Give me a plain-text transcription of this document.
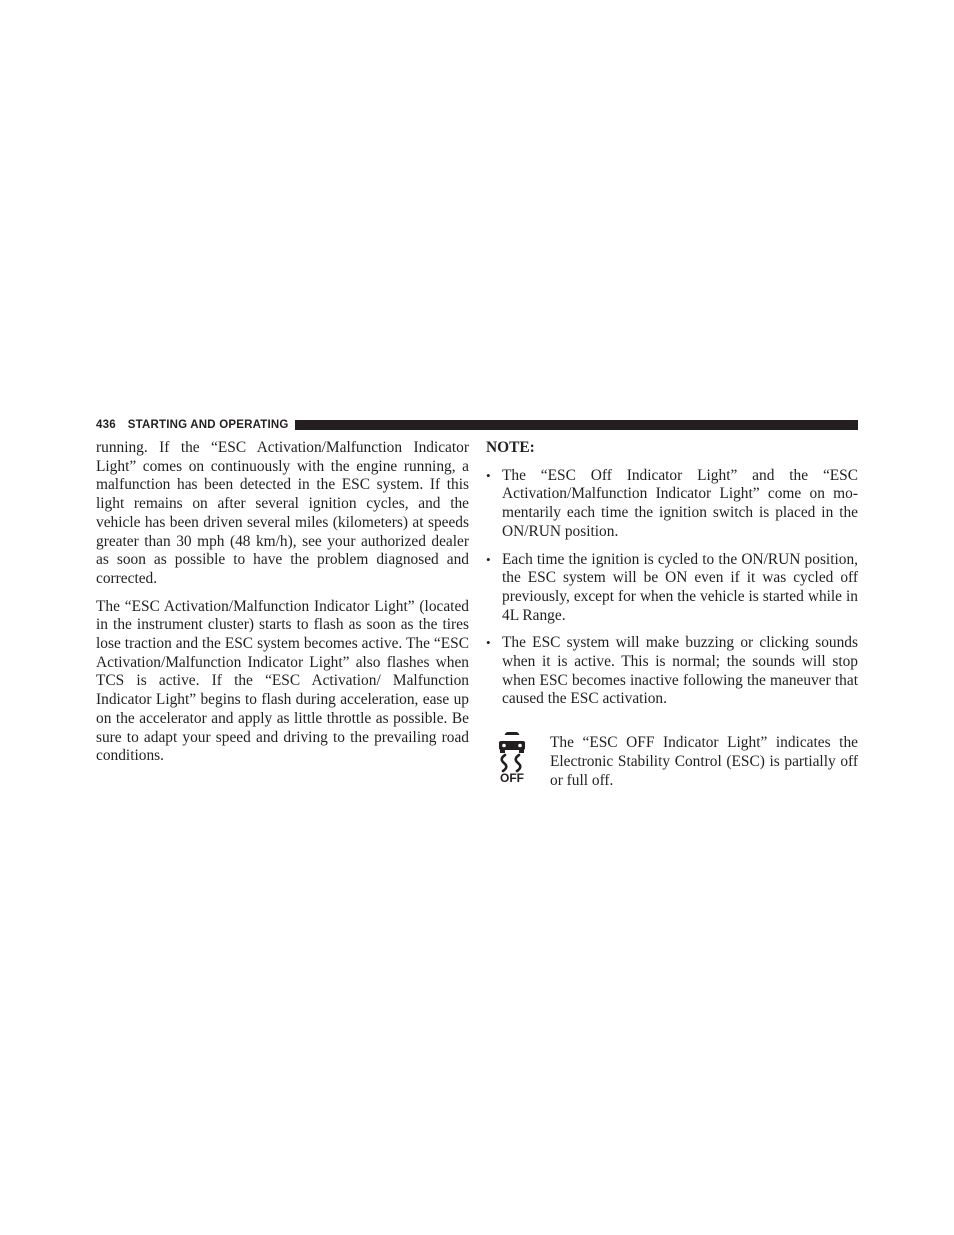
436 STARTING AND OPERATING

running. If the “ESC Activation/Malfunction Indicator Light” comes on continuously with the engine running, a malfunction has been detected in the ESC system. If this light remains on after several ignition cycles, and the vehicle has been driven several miles (kilometers) at speeds greater than 30 mph (48 km/h), see your authorized dealer as soon as possible to have the problem diagnosed and corrected.

The “ESC Activation/Malfunction Indicator Light” (located in the instrument cluster) starts to flash as soon as the tires lose traction and the ESC system becomes active. The “ESC Activation/Malfunction Indicator Light” also flashes when TCS is active. If the “ESC Activation/ Malfunction Indicator Light” begins to flash during acceleration, ease up on the accelerator and apply as little throttle as possible. Be sure to adapt your speed and driving to the prevailing road conditions.

NOTE:
• The “ESC Off Indicator Light” and the “ESC Activation/Malfunction Indicator Light” come on momentarily each time the ignition switch is placed in the ON/RUN position.
• Each time the ignition is cycled to the ON/RUN position, the ESC system will be ON even if it was cycled off previously, except for when the vehicle is started while in 4L Range.
• The ESC system will make buzzing or clicking sounds when it is active. This is normal; the sounds will stop when ESC becomes inactive following the maneuver that caused the ESC activation.
OFF
The “ESC OFF Indicator Light” indicates the Electronic Stability Control (ESC) is partially off or full off.
